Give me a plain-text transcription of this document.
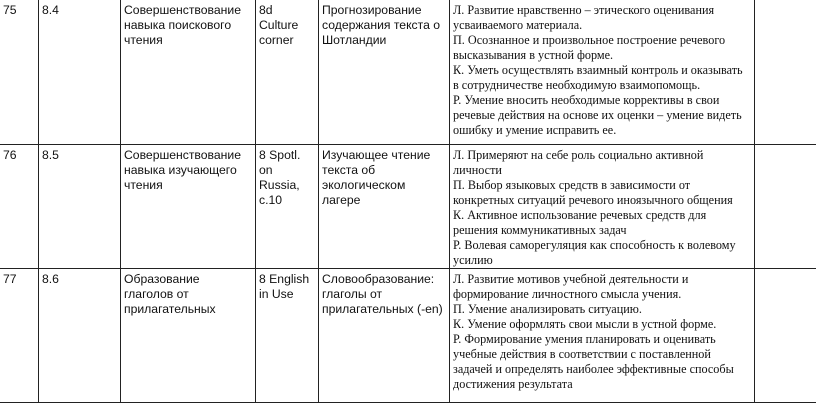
75	8.4	Совершенствование навыка поискового чтения	8d Culture corner	Прогнозирование содержания текста о Шотландии	Л. Развитие нравственно – этического оценивания усваиваемого материала.
П. Осознанное и произвольное построение речевого высказывания в устной форме.
К. Уметь осуществлять взаимный контроль и оказывать в сотрудничестве необходимую взаимопомощь.
Р. Умение вносить необходимые коррективы в свои речевые действия на основе их оценки – умение видеть ошибку и умение исправить ее.	

76	8.5	Совершенствование навыка изучающего чтения	8 Spotl. on Russia, c.10	Изучающее чтение текста об экологическом лагере	Л. Примеряют на себе роль социально активной личности
П. Выбор языковых средств в зависимости от конкретных ситуаций речевого иноязычного общения
К. Активное использование речевых средств для решения коммуникативных задач
Р. Волевая саморегуляция как способность к волевому усилию	

77	8.6	Образование глаголов от прилагательных	8 English in Use	Словообразование: глаголы от прилагательных (-en)	Л. Развитие мотивов учебной деятельности и формирование личностного смысла учения.
П. Умение анализировать ситуацию.
К. Умение оформлять свои мысли в устной форме.
Р. Формирование умения планировать и оценивать учебные действия в соответствии с поставленной задачей и определять наиболее эффективные способы достижения результата	
